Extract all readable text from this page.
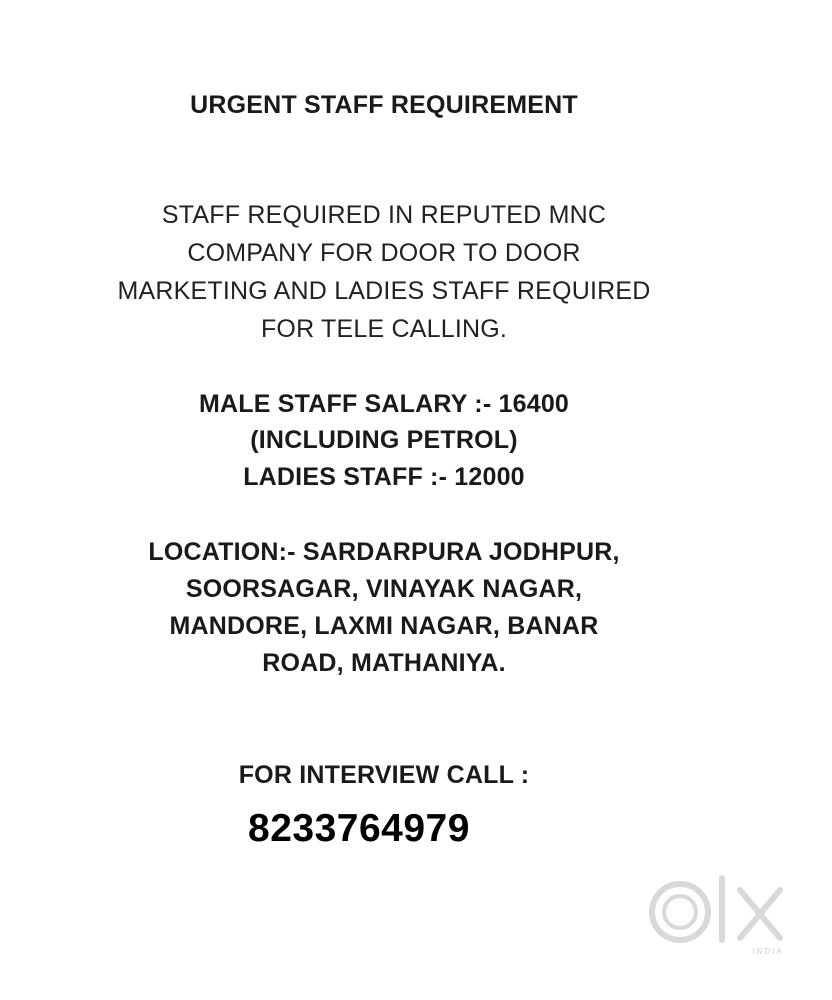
URGENT STAFF REQUIREMENT
STAFF REQUIRED IN REPUTED MNC
COMPANY FOR DOOR TO DOOR
MARKETING AND LADIES STAFF REQUIRED
FOR TELE CALLING.
MALE STAFF SALARY :- 16400
(INCLUDING PETROL)
LADIES STAFF :- 12000
LOCATION:- SARDARPURA JODHPUR,
SOORSAGAR, VINAYAK NAGAR,
MANDORE, LAXMI NAGAR, BANAR
ROAD, MATHANIYA.
FOR INTERVIEW CALL :
8233764979
INDIA
